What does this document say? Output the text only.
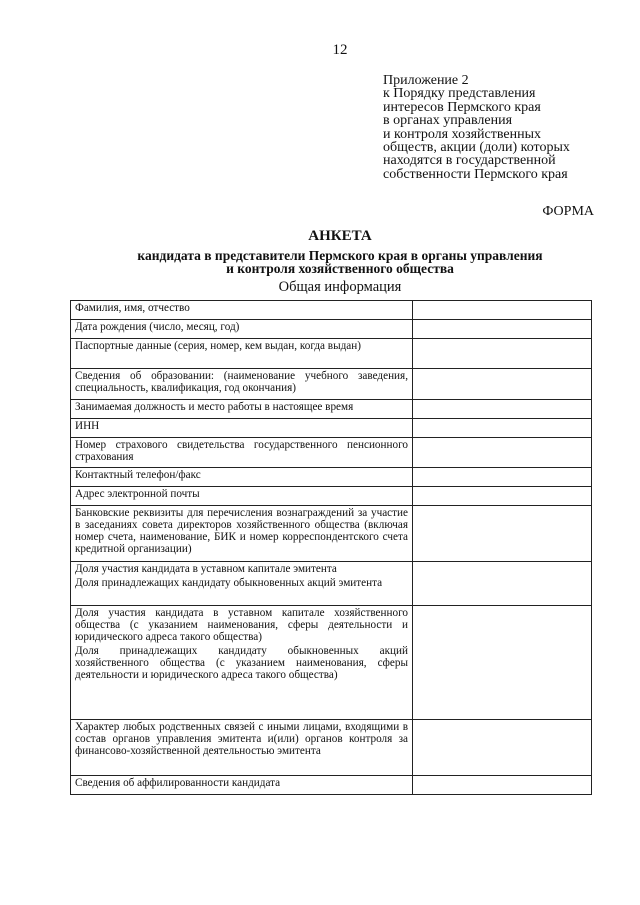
12
Приложение 2
к Порядку представления
интересов Пермского края
в органах управления
и контроля хозяйственных
обществ, акции (доли) которых
находятся в государственной
собственности Пермского края
ФОРМА
АНКЕТА
кандидата в представители Пермского края в органы управления
и контроля хозяйственного общества
Общая информация
Фамилия, имя, отчество	

Дата рождения (число, месяц, год)	

Паспортные данные (серия, номер, кем выдан, когда выдан)	

Сведения об образовании: (наименование учебного заведения, специальность, квалификация, год окончания)	

Занимаемая должность и место работы в настоящее время	

ИНН	

Номер страхового свидетельства государственного пенсионного страхования	

Контактный телефон/факс	

Адрес электронной почты	

Банковские реквизиты для перечисления вознаграждений за участие в заседаниях совета директоров хозяйственного общества (включая номер счета, наименование, БИК и номер корреспондентского счета кредитной организации)	

Доля участия кандидата в уставном капитале эмитента
Доля принадлежащих кандидату обыкновенных акций эмитента	

Доля участия кандидата в уставном капитале хозяйственного общества (с указанием наименования, сферы деятельности и юридического адреса такого общества)
Доля принадлежащих кандидату обыкновенных акций хозяйственного общества (с указанием наименования, сферы деятельности и юридического адреса такого общества)	

Характер любых родственных связей с иными лицами, входящими в состав органов управления эмитента и(или) органов контроля за финансово-хозяйственной деятельностью эмитента	

Сведения об аффилированности кандидата	
